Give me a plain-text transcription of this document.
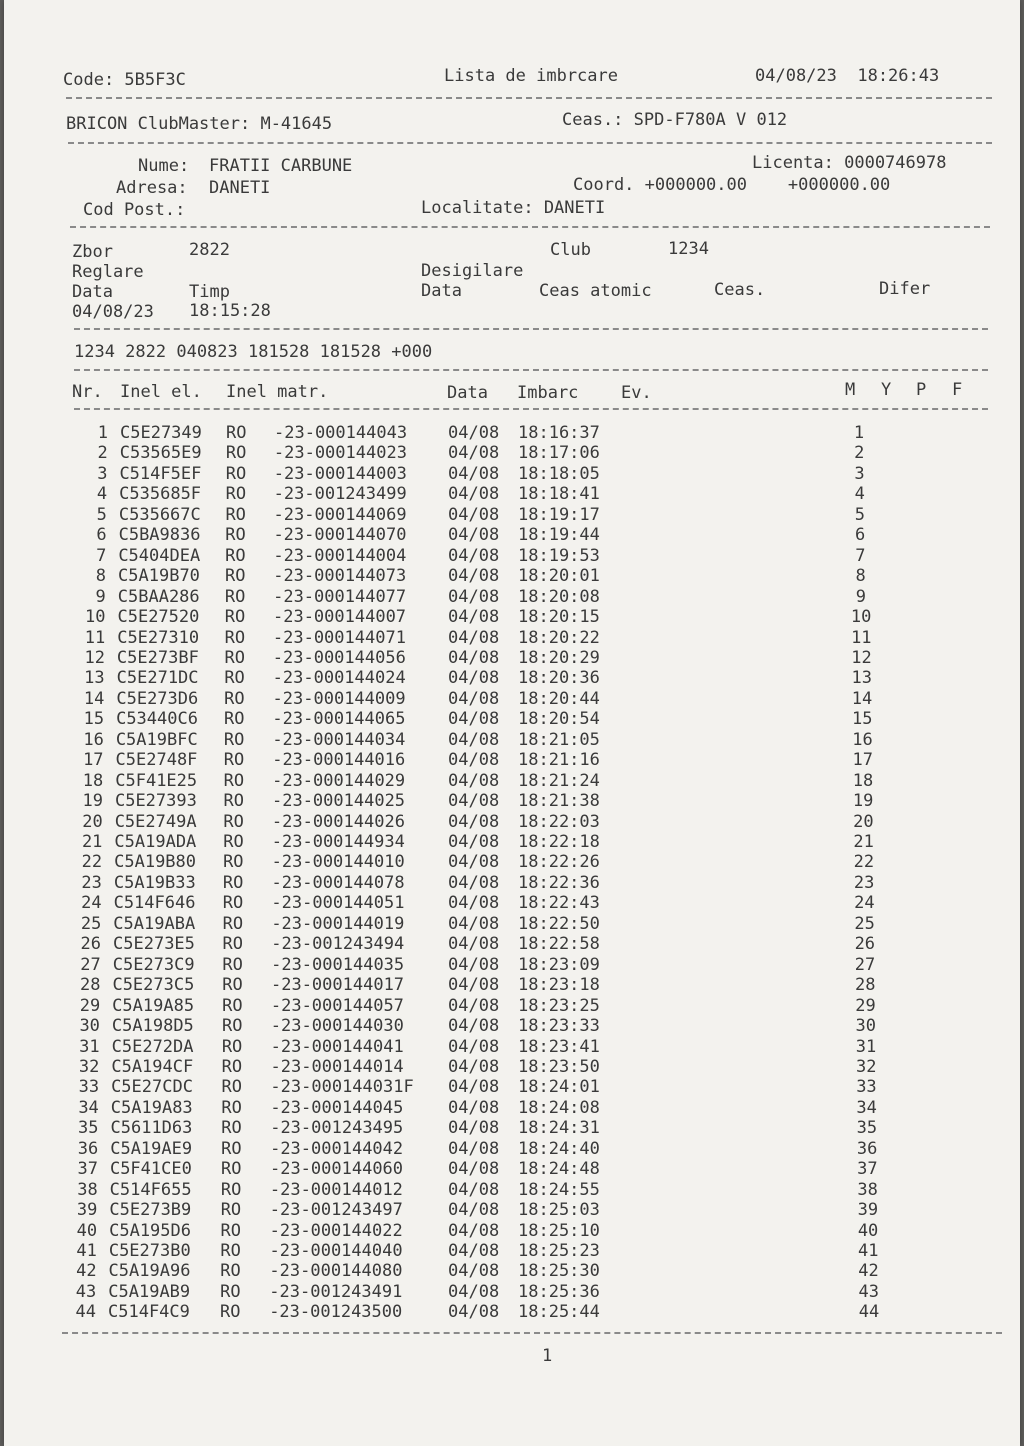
Code: 5B5F3C	Lista de imbrcare	04/08/23  18:26:43
BRICON ClubMaster: M-41645	Ceas.: SPD-F780A V 012
Nume: FRATII CARBUNE	Licenta: 0000746978
Adresa: DANETI	Coord. +000000.00    +000000.00
Cod Post.:	Localitate: DANETI
Zbor	2822	Club	1234
Reglare	Desigilare
Data	Timp	Data	Ceas atomic	Ceas.	Difer
04/08/23 18:15:28
1234 2822 040823 181528 181528 +000
Nr. Inel el. Inel matr.	Data Imbarc	Ev.	M Y P F
1 C5E27349 RO -23-000144043 04/08 18:16:37	1
2 C53565E9 RO -23-000144023 04/08 18:17:06	2
3 C514F5EF RO -23-000144003 04/08 18:18:05	3
4 C535685F RO -23-001243499 04/08 18:18:41	4
5 C535667C RO -23-000144069 04/08 18:19:17	5
6 C5BA9836 RO -23-000144070 04/08 18:19:44	6
7 C5404DEA RO -23-000144004 04/08 18:19:53	7
8 C5A19B70 RO -23-000144073 04/08 18:20:01	8
9 C5BAA286 RO -23-000144077 04/08 18:20:08	9
10 C5E27520 RO -23-000144007 04/08 18:20:15	10
11 C5E27310 RO -23-000144071 04/08 18:20:22	11
12 C5E273BF RO -23-000144056 04/08 18:20:29	12
13 C5E271DC RO -23-000144024 04/08 18:20:36	13
14 C5E273D6 RO -23-000144009 04/08 18:20:44	14
15 C53440C6 RO -23-000144065	04/08 18:20:54	15
16 C5A19BFC RO -23-000144034	04/08 18:21:05	16
17 C5E2748F RO -23-000144016	04/08 18:21:16	17
18 C5F41E25 RO -23-000144029	04/08 18:21:24	18
19 C5E27393 RO -23-000144025	04/08 18:21:38	19
20 C5E2749A RO -23-000144026	04/08 18:22:03	20
21 C5A19ADA RO -23-000144934	04/08 18:22:18	21
22 C5A19B80 RO -23-000144010	04/08 18:22:26	22
23 C5A19B33 RO -23-000144078	04/08 18:22:36	23
24 C514F646 RO -23-000144051	04/08 18:22:43	24
25 C5A19ABA RO -23-000144019	04/08 18:22:50	25
26 C5E273E5 RO -23-001243494	04/08 18:22:58	26
27 C5E273C9 RO -23-000144035	04/08 18:23:09	27
28 C5E273C5 RO -23-000144017	04/08 18:23:18	28
29 C5A19A85 RO -23-000144057	04/08 18:23:25	29
30 C5A198D5 RO -23-000144030	04/08 18:23:33	30
31 C5E272DA RO -23-000144041	04/08 18:23:41	31
32 C5A194CF RO -23-000144014	04/08 18:23:50	32
33 C5E27CDC RO -23-000144031F 04/08 18:24:01	33
34 C5A19A83 RO -23-000144045	04/08 18:24:08	34
35 C5611D63 RO -23-001243495	04/08 18:24:31	35
36 C5A19AE9 RO -23-000144042	04/08 18:24:40	36
37 C5F41CE0 RO -23-000144060	04/08 18:24:48	37
38 C514F655 RO -23-000144012	04/08 18:24:55	38
39 C5E273B9 RO -23-001243497	04/08 18:25:03	39
40 C5A195D6 RO -23-000144022	04/08 18:25:10	40
41 C5E273B0 RO -23-000144040	04/08 18:25:23	41
42 C5A19A96 RO -23-000144080	04/08 18:25:30	42
43 C5A19AB9 RO -23-001243491	04/08 18:25:36	43
44 C514F4C9 RO -23-001243500	04/08 18:25:44	44
1
